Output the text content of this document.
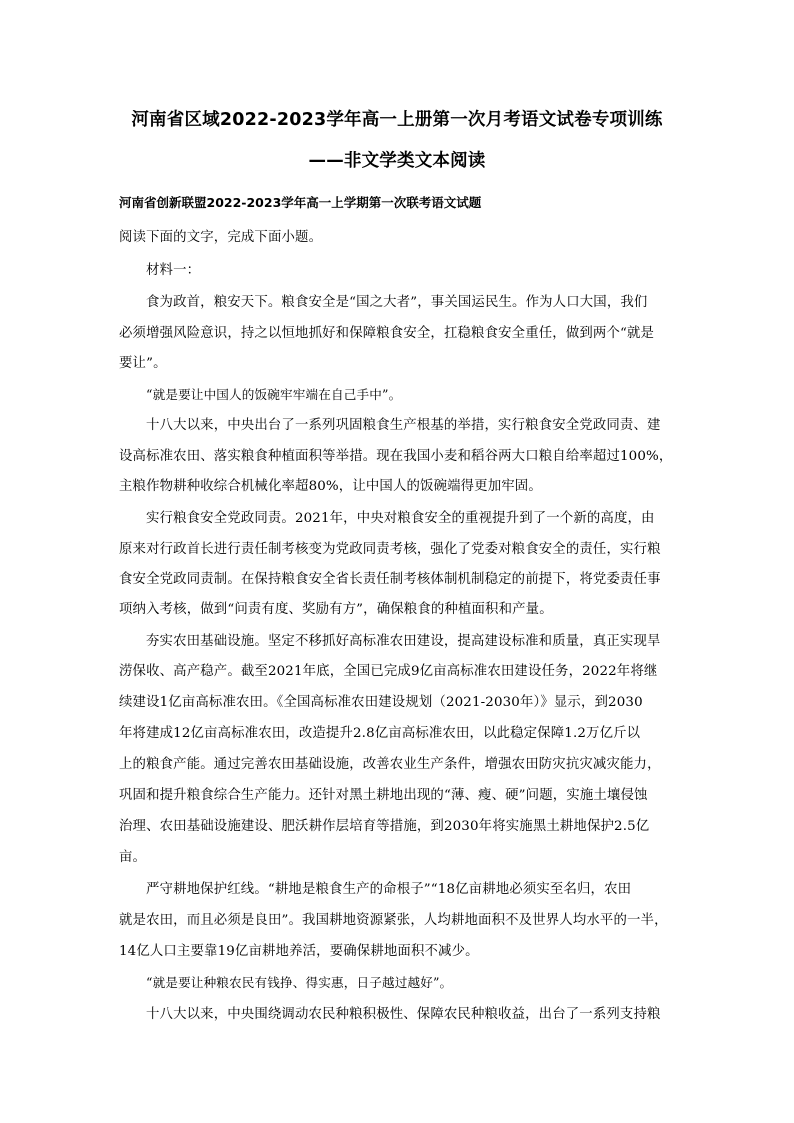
河南省区域2022-2023学年高一上册第一次月考语文试卷专项训练
——非文学类文本阅读
河南省创新联盟2022-2023学年高一上学期第一次联考语文试题
阅读下面的文字，完成下面小题。
材料一：
食为政首，粮安天下。粮食安全是“国之大者”，事关国运民生。作为人口大国，我们
必须增强风险意识，持之以恒地抓好和保障粮食安全，扛稳粮食安全重任，做到两个“就是
要让”。
“就是要让中国人的饭碗牢牢端在自己手中”。
十八大以来，中央出台了一系列巩固粮食生产根基的举措，实行粮食安全党政同责、建
设高标准农田、落实粮食种植面积等举措。现在我国小麦和稻谷两大口粮自给率超过100%，
主粮作物耕种收综合机械化率超80%，让中国人的饭碗端得更加牢固。
实行粮食安全党政同责。2021年，中央对粮食安全的重视提升到了一个新的高度，由
原来对行政首长进行责任制考核变为党政同责考核，强化了党委对粮食安全的责任，实行粮
食安全党政同责制。在保持粮食安全省长责任制考核体制机制稳定的前提下，将党委责任事
项纳入考核，做到“问责有度、奖励有方”，确保粮食的种植面积和产量。
夯实农田基础设施。坚定不移抓好高标准农田建设，提高建设标准和质量，真正实现旱
涝保收、高产稳产。截至2021年底，全国已完成9亿亩高标准农田建设任务，2022年将继
续建设1亿亩高标准农田。《全国高标准农田建设规划（2021-2030年）》显示，到2030
年将建成12亿亩高标准农田，改造提升2.8亿亩高标准农田，以此稳定保障1.2万亿斤以
上的粮食产能。通过完善农田基础设施，改善农业生产条件，增强农田防灾抗灾减灾能力，
巩固和提升粮食综合生产能力。还针对黑土耕地出现的“薄、瘦、硬”问题，实施土壤侵蚀
治理、农田基础设施建设、肥沃耕作层培育等措施，到2030年将实施黑土耕地保护2.5亿
亩。
严守耕地保护红线。“耕地是粮食生产的命根子”“18亿亩耕地必须实至名归，农田
就是农田，而且必须是良田”。我国耕地资源紧张，人均耕地面积不及世界人均水平的一半，
14亿人口主要靠19亿亩耕地养活，要确保耕地面积不减少。
“就是要让种粮农民有钱挣、得实惠，日子越过越好”。
十八大以来，中央围绕调动农民种粮积极性、保障农民种粮收益，出台了一系列支持粮
